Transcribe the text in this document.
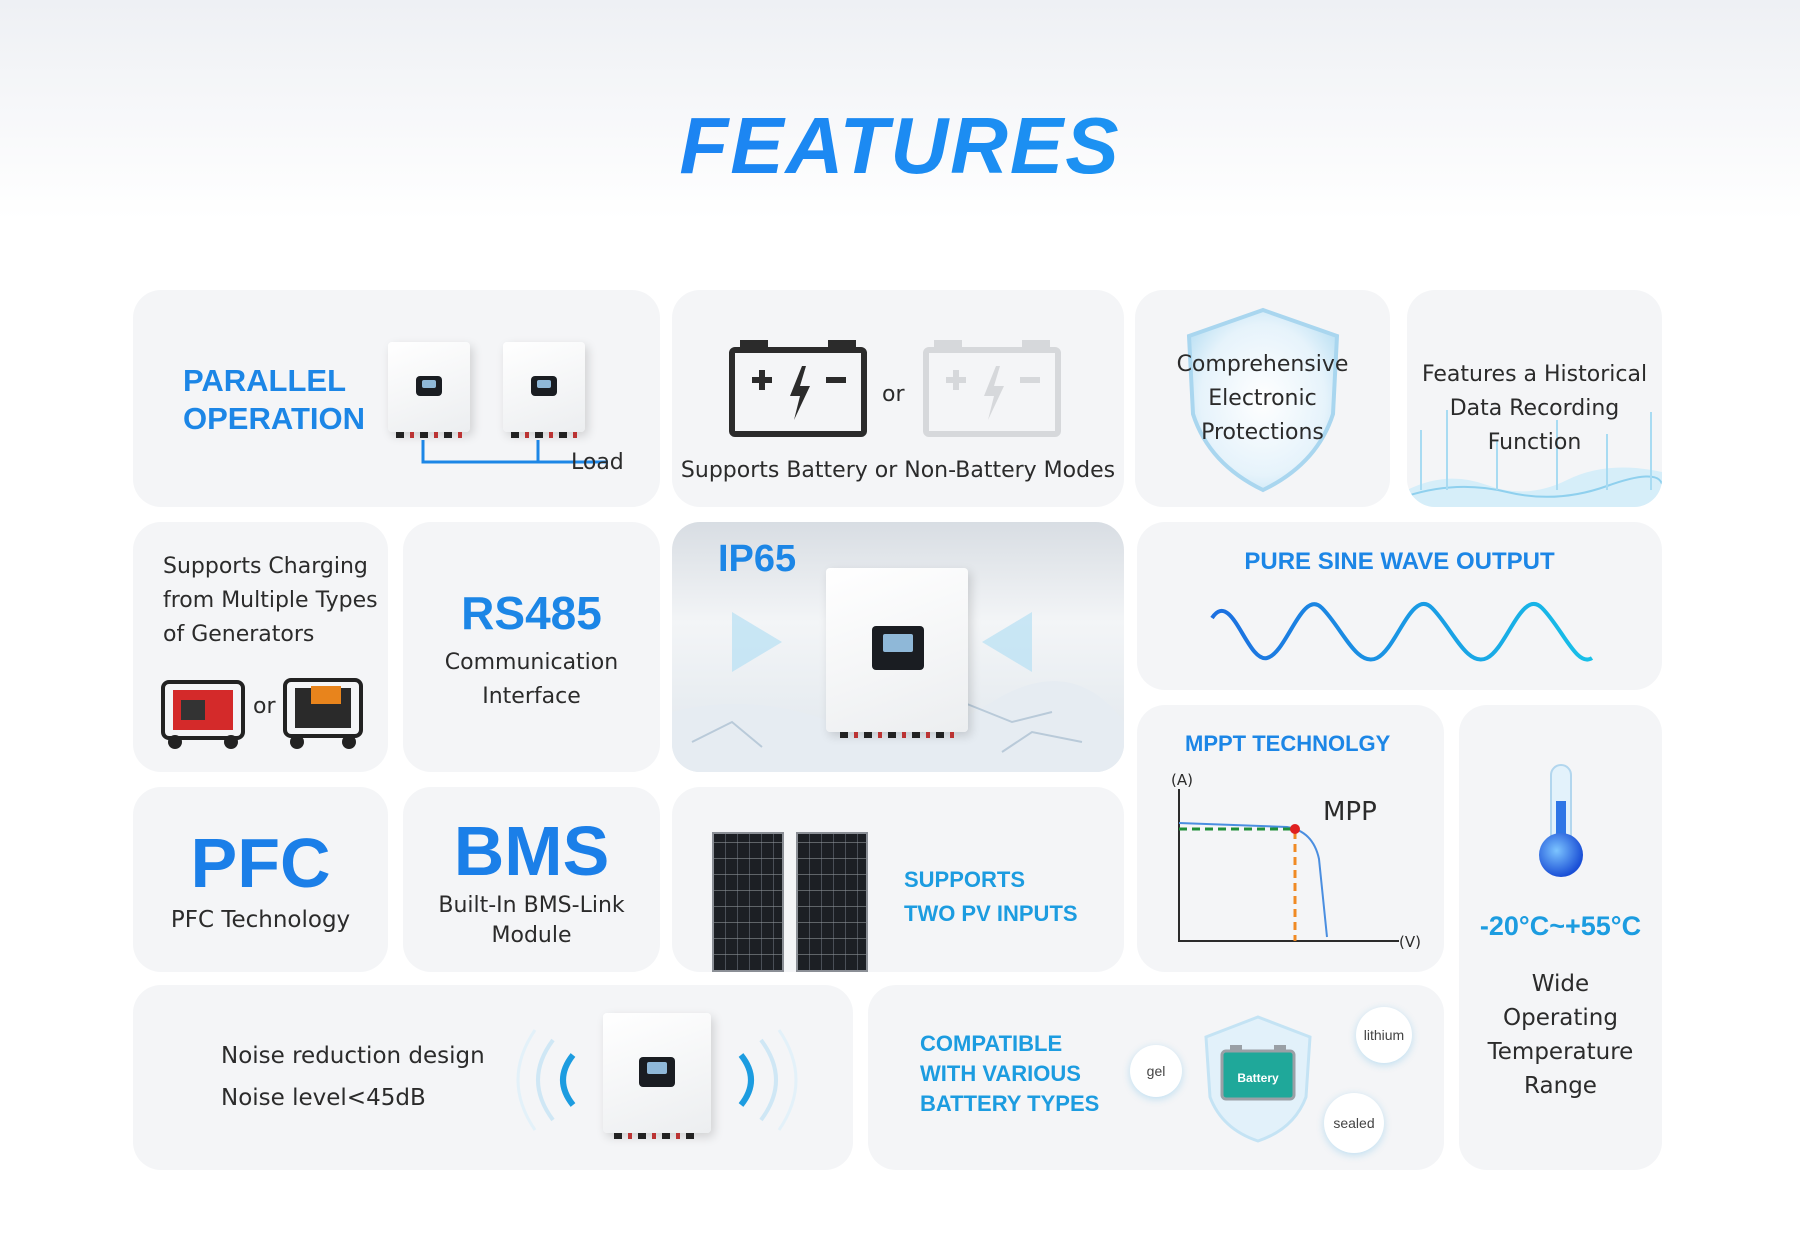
FEATURES
PARALLEL
OPERATION
Load
or
Supports Battery or Non-Battery Modes
Comprehensive
Electronic
Protections
Features a Historical
Data Recording
Function
Supports Charging
from Multiple Types
of Generators
or
RS485
Communication
Interface
IP65	PURE SINE WAVE OUTPUT
MPPT TECHNOLGY
(A)
(V)
MPP
-20°C~+55°C
Wide
Operating
Temperature
Range
PFC
PFC Technology
BMS
Built-In BMS-Link
Module
SUPPORTS
TWO PV INPUTS
Noise reduction design
Noise level<45dB
COMPATIBLE
WITH VARIOUS
BATTERY TYPES
Battery
lithium
gel
sealed
